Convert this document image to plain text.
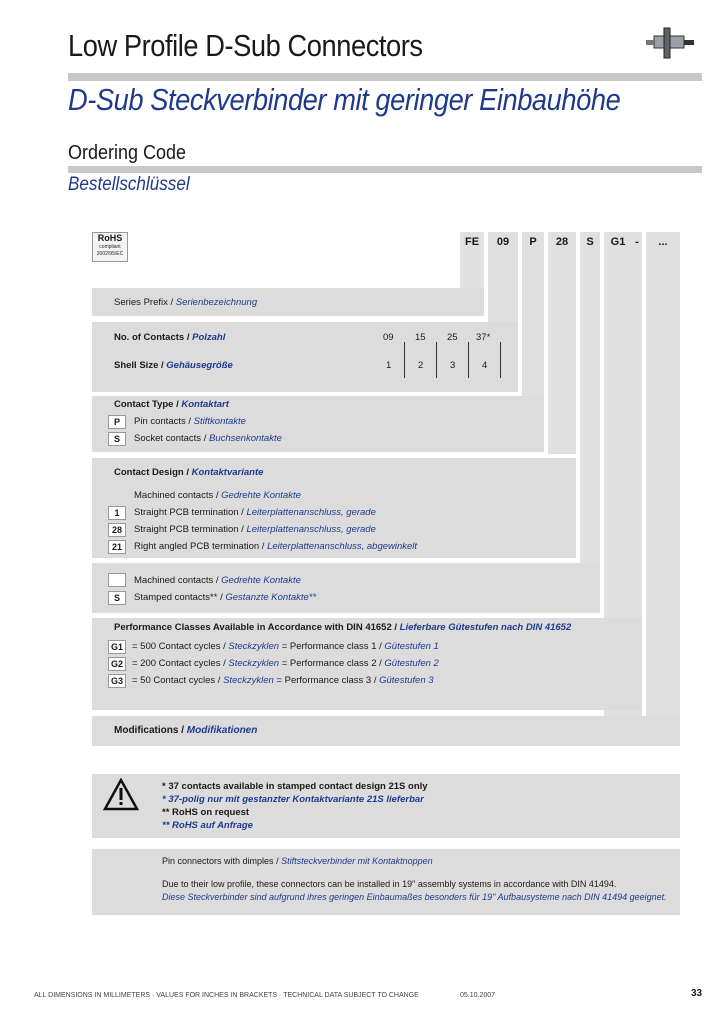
Low Profile D-Sub Connectors
D-Sub Steckverbinder mit geringer Einbauhöhe
Ordering Code
Bestellschlüssel
RoHS
compliant
2002/95/EC
FE	09	P	28	S	G1 -	...
Series Prefix / Serienbezeichnung
No. of Contacts / Polzahl	09 15 25 37*
Shell Size / Gehäusegröße	1	2	3	4
Contact Type / Kontaktart
P	Pin contacts / Stiftkontakte
S	Socket contacts / Buchsenkontakte
Contact Design / Kontaktvariante
Machined contacts / Gedrehte Kontakte
1	Straight PCB termination / Leiterplattenanschluss, gerade
28	Straight PCB termination / Leiterplattenanschluss, gerade
21	Right angled PCB termination / Leiterplattenanschluss, abgewinkelt
Machined contacts / Gedrehte Kontakte
S	Stamped contacts** / Gestanzte Kontakte**
Performance Classes Available in Accordance with DIN 41652 / Lieferbare Gütestufen nach DIN 41652
G1 = 500 Contact cycles / Steckzyklen = Performance class 1 / Gütestufen 1
G2 = 200 Contact cycles / Steckzyklen = Performance class 2 / Gütestufen 2
G3 = 50 Contact cycles / Steckzyklen = Performance class 3 / Gütestufen 3
Modifications / Modifikationen
* 37 contacts available in stamped contact design 21S only
* 37-polig nur mit gestanzter Kontaktvariante 21S lieferbar
** RoHS on request
** RoHS auf Anfrage
Pin connectors with dimples / Stiftsteckverbinder mit Kontaktnoppen
Due to their low profile, these connectors can be installed in 19" assembly systems in accordance with DIN 41494.
Diese Steckverbinder sind aufgrund ihres geringen Einbaumaßes besonders für 19" Aufbausysteme nach DIN 41494 geeignet.
ALL DIMENSIONS IN MILLIMETERS · VALUES FOR INCHES IN BRACKETS · TECHNICAL DATA SUBJECT TO CHANGE	05.10.2007	33
